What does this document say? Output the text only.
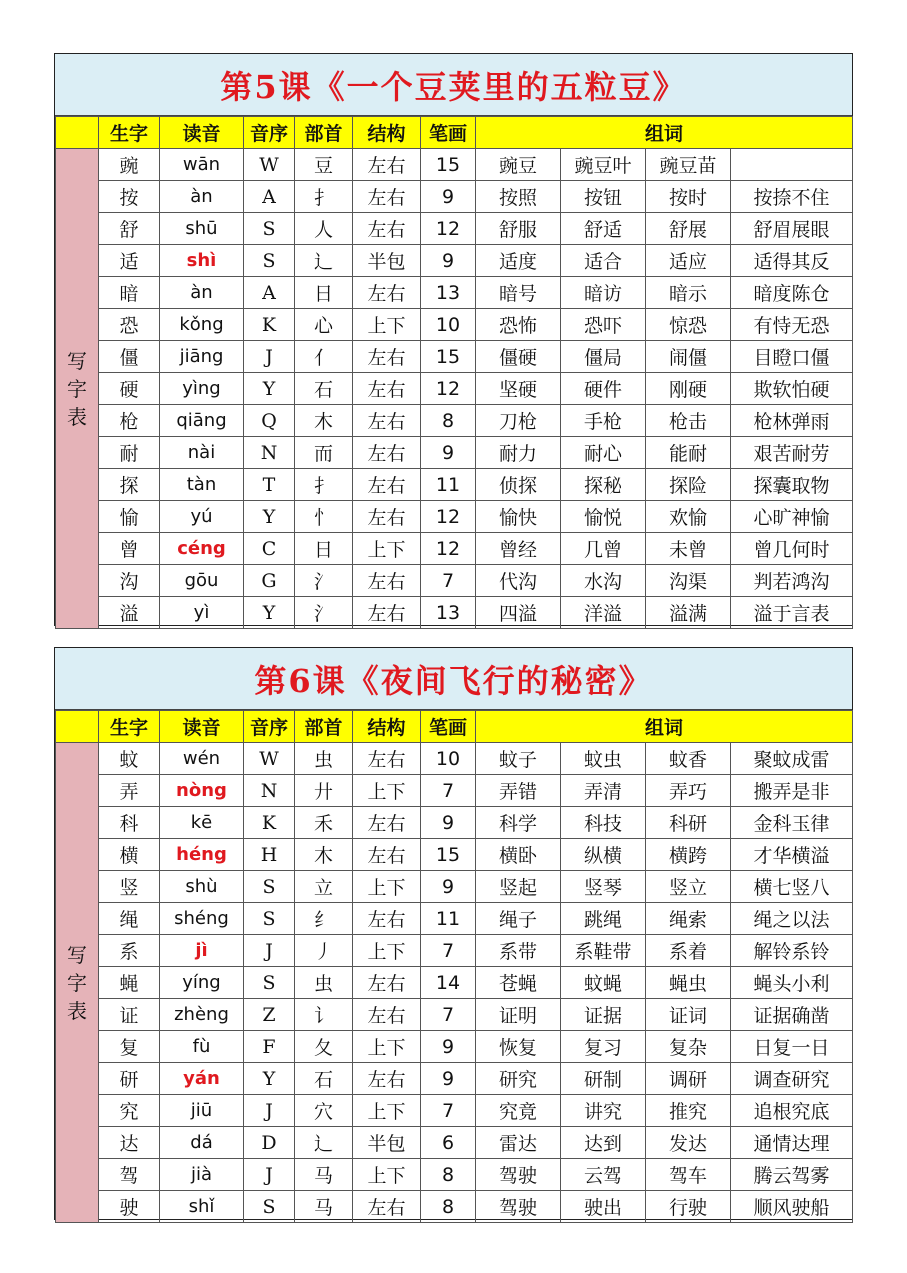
第5课《一个豆荚里的五粒豆》
	生字	读音	音序	部首	结构	笔画	组词			

写
字
表	豌	wān	W	豆	左右	15	豌豆	豌豆叶	豌豆苗	
	按	àn	A	扌	左右	9	按照	按钮	按时	按捺不住
	舒	shū	S	人	左右	12	舒服	舒适	舒展	舒眉展眼
	适	shì	S	辶	半包	9	适度	适合	适应	适得其反
	暗	àn	A	日	左右	13	暗号	暗访	暗示	暗度陈仓
	恐	kǒng	K	心	上下	10	恐怖	恐吓	惊恐	有恃无恐
	僵	jiāng	J	亻	左右	15	僵硬	僵局	闹僵	目瞪口僵
	硬	yìng	Y	石	左右	12	坚硬	硬件	刚硬	欺软怕硬
	枪	qiāng	Q	木	左右	8	刀枪	手枪	枪击	枪林弹雨
	耐	nài	N	而	左右	9	耐力	耐心	能耐	艰苦耐劳
	探	tàn	T	扌	左右	11	侦探	探秘	探险	探囊取物
	愉	yú	Y	忄	左右	12	愉快	愉悦	欢愉	心旷神愉
	曾	céng	C	日	上下	12	曾经	几曾	未曾	曾几何时
	沟	gōu	G	氵	左右	7	代沟	水沟	沟渠	判若鸿沟
	溢	yì	Y	氵	左右	13	四溢	洋溢	溢满	溢于言表
第6课《夜间飞行的秘密》
	生字	读音	音序	部首	结构	笔画	组词			

写
字
表	蚊	wén	W	虫	左右	10	蚊子	蚊虫	蚊香	聚蚊成雷
	弄	nòng	N	廾	上下	7	弄错	弄清	弄巧	搬弄是非
	科	kē	K	禾	左右	9	科学	科技	科研	金科玉律
	横	héng	H	木	左右	15	横卧	纵横	横跨	才华横溢
	竖	shù	S	立	上下	9	竖起	竖琴	竖立	横七竖八
	绳	shéng	S	纟	左右	11	绳子	跳绳	绳索	绳之以法
	系	jì	J	丿	上下	7	系带	系鞋带	系着	解铃系铃
	蝇	yíng	S	虫	左右	14	苍蝇	蚊蝇	蝇虫	蝇头小利
	证	zhèng	Z	讠	左右	7	证明	证据	证词	证据确凿
	复	fù	F	夂	上下	9	恢复	复习	复杂	日复一日
	研	yán	Y	石	左右	9	研究	研制	调研	调查研究
	究	jiū	J	穴	上下	7	究竟	讲究	推究	追根究底
	达	dá	D	辶	半包	6	雷达	达到	发达	通情达理
	驾	jià	J	马	上下	8	驾驶	云驾	驾车	腾云驾雾
	驶	shǐ	S	马	左右	8	驾驶	驶出	行驶	顺风驶船
